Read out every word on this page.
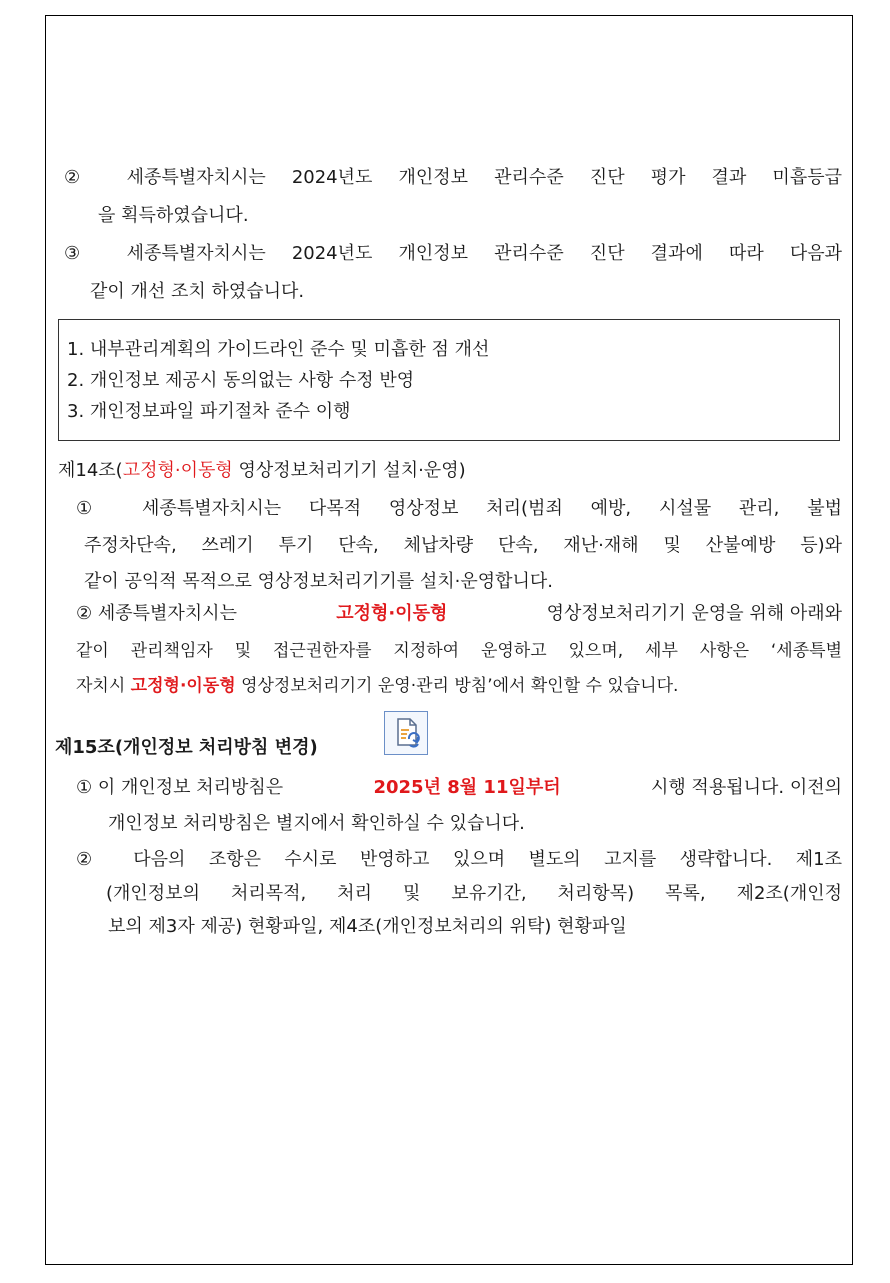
② 세종특별자치시는 2024년도 개인정보 관리수준 진단 평가 결과 미흡등급
을 획득하였습니다.
③ 세종특별자치시는 2024년도 개인정보 관리수준 진단 결과에 따라 다음과
같이 개선 조치 하였습니다.
1. 내부관리계획의 가이드라인 준수 및 미흡한 점 개선
2. 개인정보 제공시 동의없는 사항 수정 반영
3. 개인정보파일 파기절차 준수 이행
제14조(고정형·이동형 영상정보처리기기 설치·운영)
① 세종특별자치시는 다목적 영상정보 처리(범죄 예방, 시설물 관리, 불법
주정차단속, 쓰레기 투기 단속, 체납차량 단속, 재난·재해 및 산불예방 등)와
같이 공익적 목적으로 영상정보처리기기를 설치·운영합니다.
② 세종특별자치시는	고정형·이동형	영상정보처리기기 운영을 위해 아래와
같이 관리책임자 및 접근권한자를 지정하여 운영하고 있으며, 세부 사항은 ‘세종특별
자치시 고정형·이동형 영상정보처리기기 운영·관리 방침’에서 확인할 수 있습니다.
제15조(개인정보 처리방침 변경)
① 이 개인정보 처리방침은	2025년 8월 11일부터	시행 적용됩니다. 이전의
개인정보 처리방침은 별지에서 확인하실 수 있습니다.
② 다음의 조항은 수시로 반영하고 있으며 별도의 고지를 생략합니다. 제1조
(개인정보의 처리목적, 처리 및 보유기간, 처리항목) 목록, 제2조(개인정
보의 제3자 제공) 현황파일, 제4조(개인정보처리의 위탁) 현황파일
